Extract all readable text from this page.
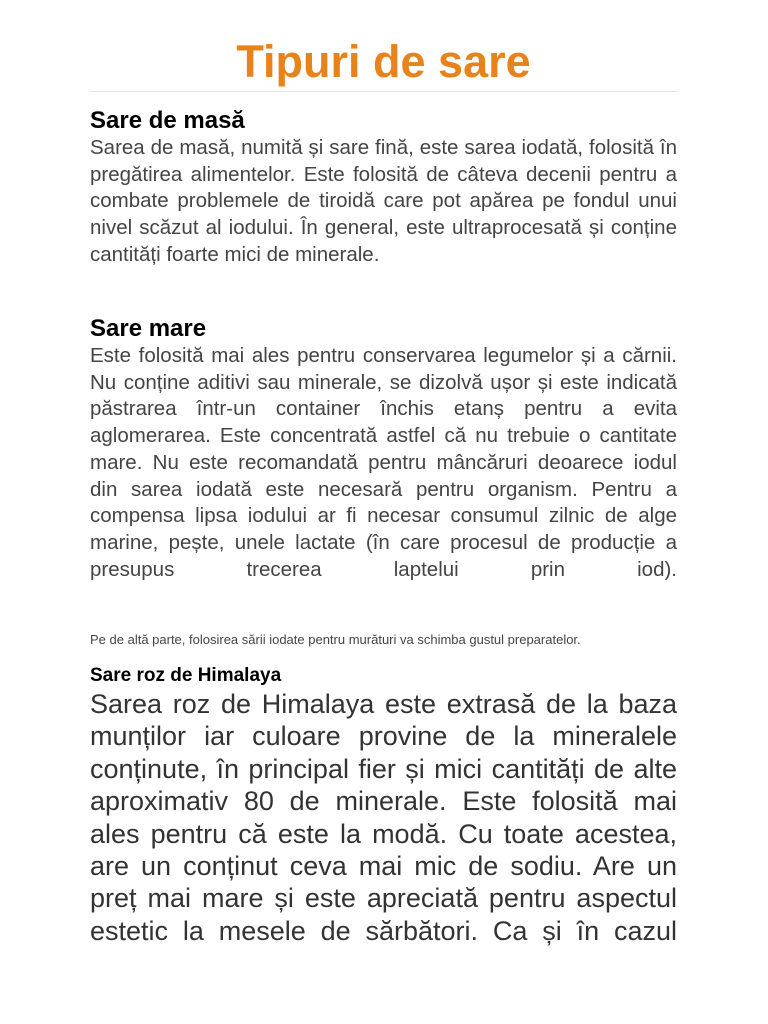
Tipuri de sare
Sare de masă

Sarea de masă, numită și sare fină, este sarea iodată, folosită în pregătirea alimentelor. Este folosită de câteva decenii pentru a combate problemele de tiroidă care pot apărea pe fondul unui nivel scăzut al iodului. În general, este ultraprocesată și conține cantități foarte mici de minerale.

Sare mare

Este folosită mai ales pentru conservarea legumelor și a cărnii. Nu conține aditivi sau minerale, se dizolvă ușor și este indicată păstrarea într-un container închis etanș pentru a evita aglomerarea. Este concentrată astfel că nu trebuie o cantitate mare. Nu este recomandată pentru mâncăruri deoarece iodul din sarea iodată este necesară pentru organism. Pentru a compensa lipsa iodului ar fi necesar consumul zilnic de alge marine, pește, unele lactate (în care procesul de producție a presupus trecerea laptelui prin iod).

Pe de altă parte, folosirea sării iodate pentru murături va schimba gustul preparatelor.

Sare roz de Himalaya

Sarea roz de Himalaya este extrasă de la baza munților iar culoare provine de la mineralele conținute, în principal fier și mici cantități de alte aproximativ 80 de minerale. Este folosită mai ales pentru că este la modă. Cu toate acestea, are un conținut ceva mai mic de sodiu. Are un preț mai mare și este apreciată pentru aspectul estetic la mesele de sărbători. Ca și în cazul
